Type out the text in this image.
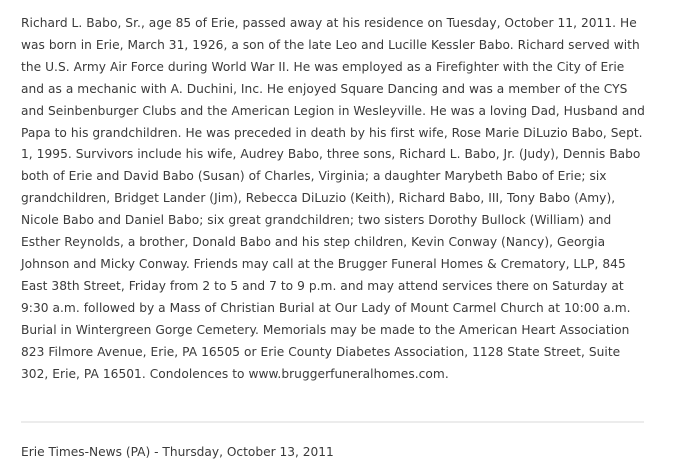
Richard L. Babo, Sr., age 85 of Erie, passed away at his residence on Tuesday, October 11, 2011. He was born in Erie, March 31, 1926, a son of the late Leo and Lucille Kessler Babo. Richard served with the U.S. Army Air Force during World War II. He was employed as a Firefighter with the City of Erie and as a mechanic with A. Duchini, Inc. He enjoyed Square Dancing and was a member of the CYS and Seinbenburger Clubs and the American Legion in Wesleyville. He was a loving Dad, Husband and Papa to his grandchildren. He was preceded in death by his first wife, Rose Marie DiLuzio Babo, Sept. 1, 1995. Survivors include his wife, Audrey Babo, three sons, Richard L. Babo, Jr. (Judy), Dennis Babo both of Erie and David Babo (Susan) of Charles, Virginia; a daughter Marybeth Babo of Erie; six grandchildren, Bridget Lander (Jim), Rebecca DiLuzio (Keith), Richard Babo, III, Tony Babo (Amy), Nicole Babo and Daniel Babo; six great grandchildren; two sisters Dorothy Bullock (William) and Esther Reynolds, a brother, Donald Babo and his step children, Kevin Conway (Nancy), Georgia Johnson and Micky Conway. Friends may call at the Brugger Funeral Homes & Crematory, LLP, 845 East 38th Street, Friday from 2 to 5 and 7 to 9 p.m. and may attend services there on Saturday at 9:30 a.m. followed by a Mass of Christian Burial at Our Lady of Mount Carmel Church at 10:00 a.m. Burial in Wintergreen Gorge Cemetery. Memorials may be made to the American Heart Association 823 Filmore Avenue, Erie, PA 16505 or Erie County Diabetes Association, 1128 State Street, Suite 302, Erie, PA 16501. Condolences to www.bruggerfuneralhomes.com.

Erie Times-News (PA) - Thursday, October 13, 2011
